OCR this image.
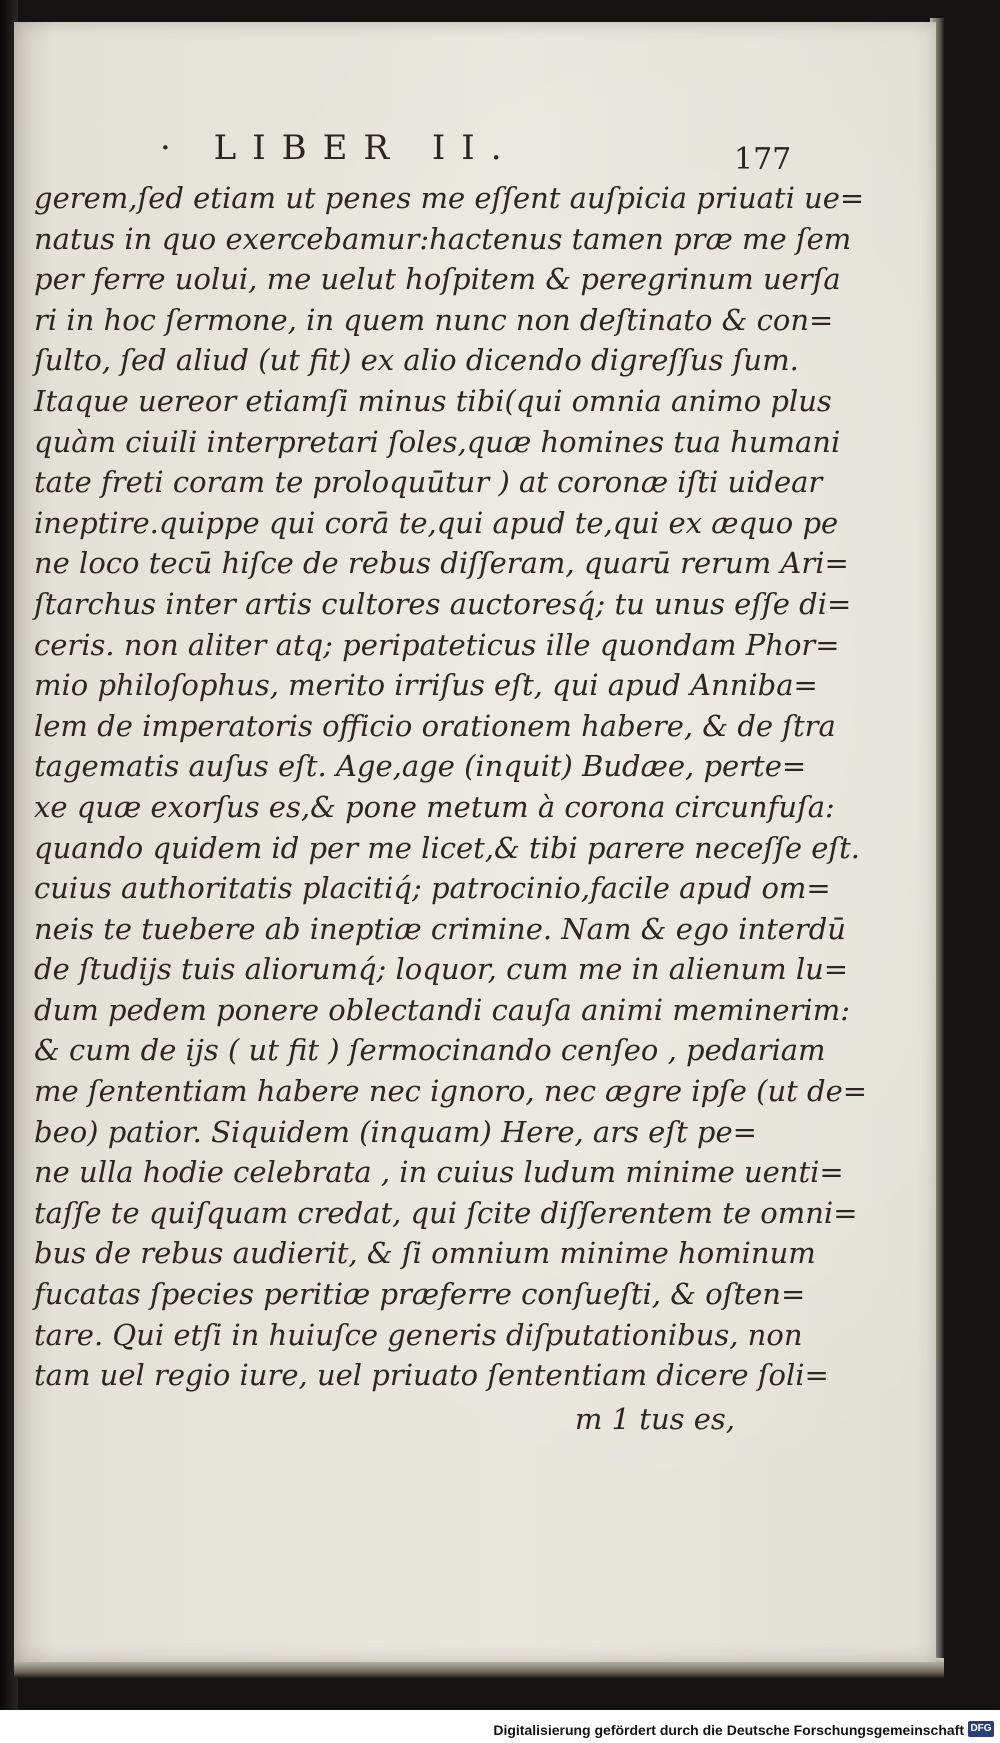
· LIBER II.	177
gerem,ſed etiam ut penes me eſſent auſpicia priuati ue=
natus in quo exercebamur:hactenus tamen præ me ſem
per ferre uolui, me uelut hoſpitem & peregrinum uerſa
ri in hoc ſermone, in quem nunc non deſtinato & con=
ſulto, ſed aliud (ut fit) ex alio dicendo digreſſus ſum.
Itaque uereor etiamſi minus tibi(qui omnia animo plus
quàm ciuili interpretari ſoles,quæ homines tua humani
tate freti coram te proloquūtur ) at coronæ iſti uidear
ineptire.quippe qui corā te,qui apud te,qui ex æquo pe
ne loco tecū hiſce de rebus diſſeram, quarū rerum Ari=
ſtarchus inter artis cultores auctoresq́; tu unus eſſe di=
ceris. non aliter atq; peripateticus ille quondam Phor=
mio philoſophus, merito irriſus eſt, qui apud Anniba=
lem de imperatoris officio orationem habere, & de ſtra
tagematis auſus eſt. Age,age (inquit) Budæe, perte=
xe quæ exorſus es,& pone metum à corona circunfuſa:
quando quidem id per me licet,& tibi parere neceſſe eſt.
cuius authoritatis placitiq́; patrocinio,facile apud om=
neis te tuebere ab ineptiæ crimine. Nam & ego interdū
de ſtudijs tuis aliorumq́; loquor, cum me in alienum lu=
dum pedem ponere oblectandi cauſa animi meminerim:
& cum de ijs ( ut fit ) ſermocinando cenſeo , pedariam
me ſententiam habere nec ignoro, nec ægre ipſe (ut de=
beo) patior. Siquidem (inquam) Here, ars eſt pe=
ne ulla hodie celebrata , in cuius ludum minime uenti=
taſſe te quiſquam credat, qui ſcite diſſerentem te omni=
bus de rebus audierit, & ſi omnium minime hominum
fucatas ſpecies peritiæ præferre conſueſti, & oſten=
tare. Qui etſi in huiuſce generis diſputationibus, non
tam uel regio iure, uel priuato ſententiam dicere ſoli=
m 1 tus es,
Digitalisierung gefördert durch die Deutsche Forschungsgemeinschaft DFG
